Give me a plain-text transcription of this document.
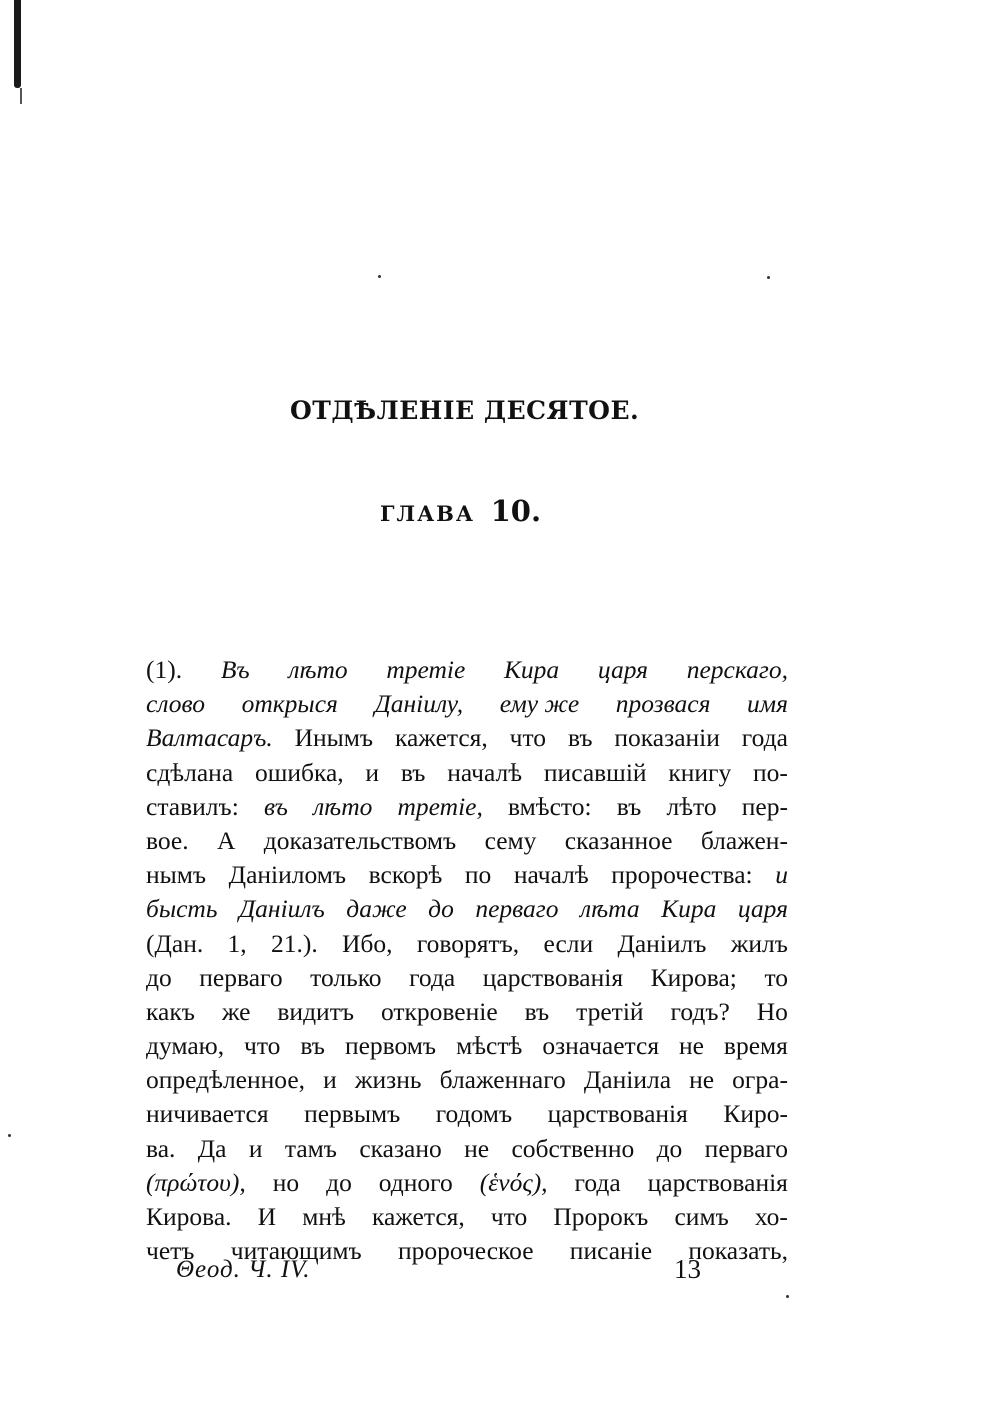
ОТДѢЛЕНІЕ ДЕСЯТОЕ.
ГЛАВА 10.
(1). Въ лѣто третіе Кира царя перскаго,
слово открыся Даніилу, ему же прозвася имя
Валтасаръ. Инымъ кажется, что въ показаніи года
сдѣлана ошибка, и въ началѣ писавшій книгу по-
ставилъ: въ лѣто третіе, вмѣсто: въ лѣто пер-
вое. А доказательствомъ сему сказанное блажен-
нымъ Даніиломъ вскорѣ по началѣ пророчества: и
бысть Даніилъ даже до перваго лѣта Кира царя
(Дан. 1, 21.). Ибо, говорятъ, если Даніилъ жилъ
до перваго только года царствованія Кирова; то
какъ же видитъ откровеніе въ третій годъ? Но
думаю, что въ первомъ мѣстѣ означается не время
опредѣленное, и жизнь блаженнаго Даніила не огра-
ничивается первымъ годомъ царствованія Киро-
ва. Да и тамъ сказано не собственно до перваго
(πρώτου), но до одного (ἑνός), года царствованія
Кирова. И мнѣ кажется, что Пророкъ симъ хо-
четъ читающимъ пророческое писаніе показать,
Θеод. Ч. IV.	13
